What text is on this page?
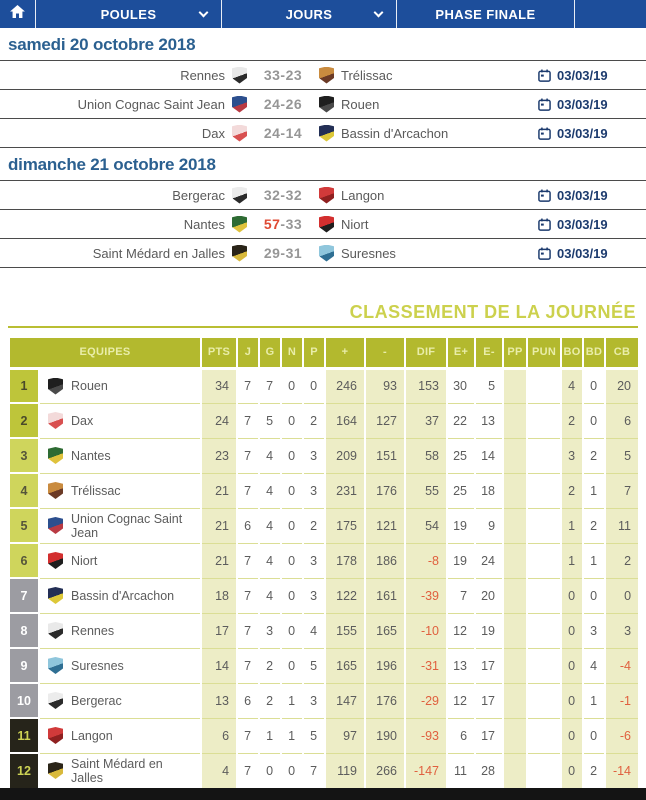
POULES	JOURS	PHASE FINALE
samedi 20 octobre 2018
Rennes	33-23	Trélissac	03/03/19
Union Cognac Saint Jean	24-26	Rouen	03/03/19
Dax	24-14	Bassin d'Arcachon	03/03/19
dimanche 21 octobre 2018
Bergerac	32-32	Langon	03/03/19
Nantes	57-33	Niort	03/03/19
Saint Médard en Jalles	29-31	Suresnes	03/03/19
CLASSEMENT DE LA JOURNÉE
EQUIPES		PTS	J	G	N	P	+	-	DIF	E+	E-	PP	PUN	BO	BD	CB
1	Rouen	34	7	7	0	0	246	93	153	30	5			4	0	20
2	Dax	24	7	5	0	2	164	127	37	22	13			2	0	6
3	Nantes	23	7	4	0	3	209	151	58	25	14			3	2	5
4	Trélissac	21	7	4	0	3	231	176	55	25	18			2	1	7
5	Union Cognac Saint Jean	21	6	4	0	2	175	121	54	19	9			1	2	11
6	Niort	21	7	4	0	3	178	186	-8	19	24			1	1	2
7	Bassin d'Arcachon	18	7	4	0	3	122	161	-39	7	20			0	0	0
8	Rennes	17	7	3	0	4	155	165	-10	12	19			0	3	3
9	Suresnes	14	7	2	0	5	165	196	-31	13	17			0	4	-4
10	Bergerac	13	6	2	1	3	147	176	-29	12	17			0	1	-1
11	Langon	6	7	1	1	5	97	190	-93	6	17			0	0	-6
12	Saint Médard en Jalles	4	7	0	0	7	119	266	-147	11	28			0	2	-14
